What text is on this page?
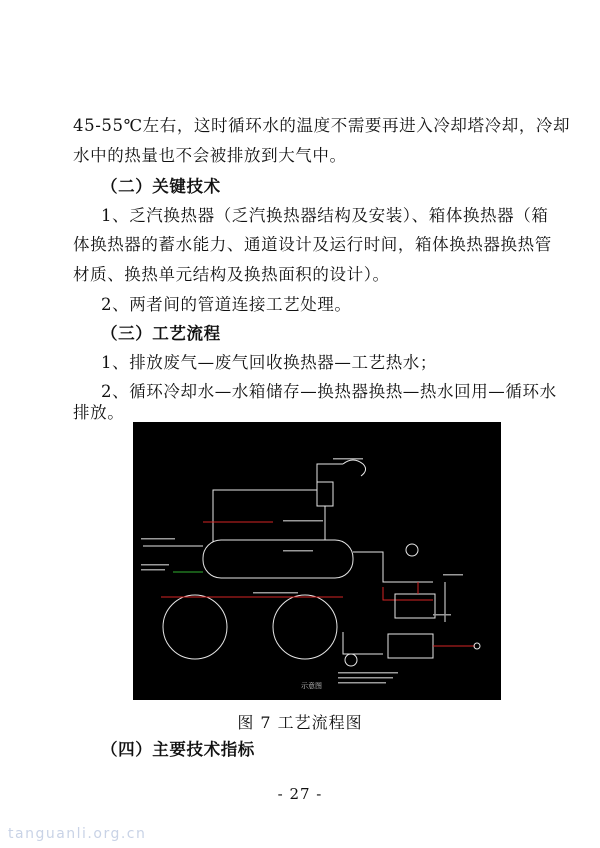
45-55℃左右，这时循环水的温度不需要再进入冷却塔冷却，冷却
水中的热量也不会被排放到大气中。
（二）关键技术
1、乏汽换热器（乏汽换热器结构及安装）、箱体换热器（箱
体换热器的蓄水能力、通道设计及运行时间，箱体换热器换热管
材质、换热单元结构及换热面积的设计）。
2、两者间的管道连接工艺处理。
（三）工艺流程
1、排放废气—废气回收换热器—工艺热水；
2、循环冷却水—水箱储存—换热器换热—热水回用—循环水
排放。
示意图
图 7 工艺流程图
（四）主要技术指标
- 27 -
tanguanli.org.cn
